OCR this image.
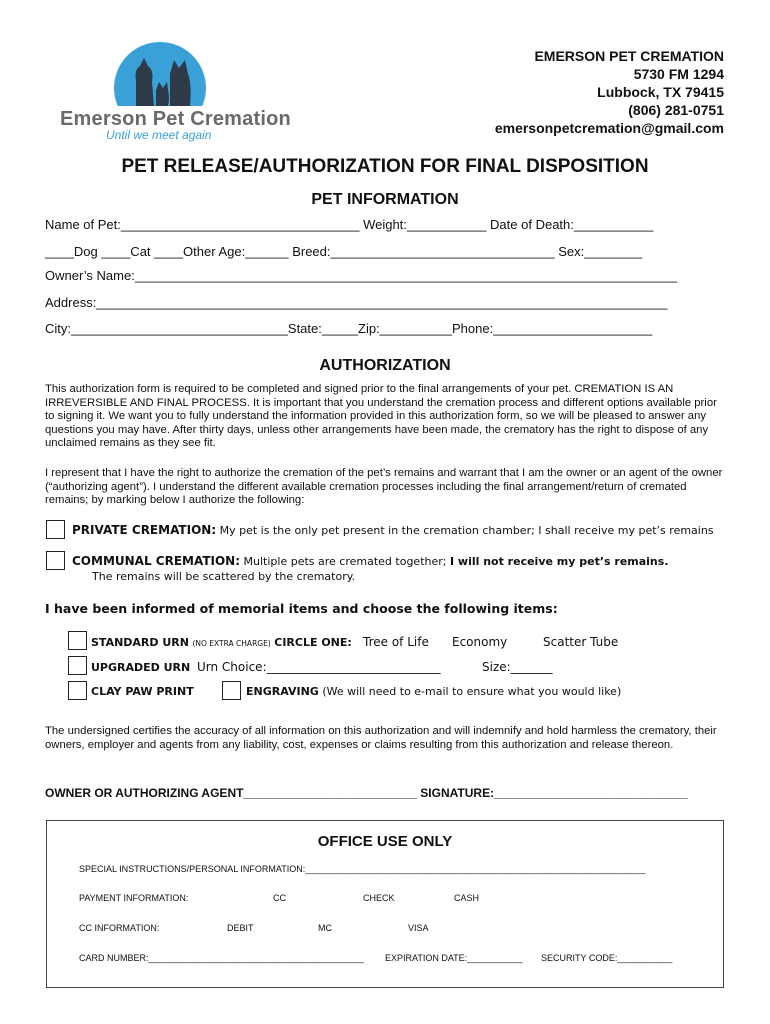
Emerson Pet Cremation
Until we meet again
EMERSON PET CREMATION
5730 FM 1294
Lubbock, TX 79415
(806) 281-0751
emersonpetcremation@gmail.com
PET RELEASE/AUTHORIZATION FOR FINAL DISPOSITION
PET INFORMATION
Name of Pet:_________________________________ Weight:___________ Date of Death:___________
____Dog ____Cat ____Other Age:______ Breed:_______________________________ Sex:________
Owner’s Name:___________________________________________________________________________
Address:_______________________________________________________________________________
City:______________________________State:_____Zip:__________Phone:______________________
AUTHORIZATION
This authorization form is required to be completed and signed prior to the final arrangements of your pet. CREMATION IS AN IRREVERSIBLE AND FINAL PROCESS. It is important that you understand the cremation process and different options available prior to signing it. We want you to fully understand the information provided in this authorization form, so we will be pleased to answer any questions you may have. After thirty days, unless other arrangements have been made, the crematory has the right to dispose of any unclaimed remains as they see fit.
I represent that I have the right to authorize the cremation of the pet’s remains and warrant that I am the owner or an agent of the owner (“authorizing agent”). I understand the different available cremation processes including the final arrangement/return of cremated remains; by marking below I authorize the following:
PRIVATE CREMATION: My pet is the only pet present in the cremation chamber; I shall receive my pet’s remains
COMMUNAL CREMATION: Multiple pets are cremated together; I will not receive my pet’s remains.
The remains will be scattered by the crematory.
I have been informed of memorial items and choose the following items:
STANDARD URN (NO EXTRA CHARGE) CIRCLE ONE: Tree of Life Economy	Scatter Tube
UPGRADED URN Urn Choice:_____________________________	Size:_______
CLAY PAW PRINT	ENGRAVING (We will need to e-mail to ensure what you would like)
The undersigned certifies the accuracy of all information on this authorization and will indemnify and hold harmless the crematory, their owners, employer and agents from any liability, cost, expenses or claims resulting from this authorization and release thereon.
OWNER OR AUTHORIZING AGENT__________________________ SIGNATURE:_____________________________
OFFICE USE ONLY
SPECIAL INSTRUCTIONS/PERSONAL INFORMATION:____________________________________________________________________
PAYMENT INFORMATION:	CC	CHECK	CASH
CC INFORMATION:	DEBIT	MC	VISA
CARD NUMBER:___________________________________________ EXPIRATION DATE:___________ SECURITY CODE:___________
